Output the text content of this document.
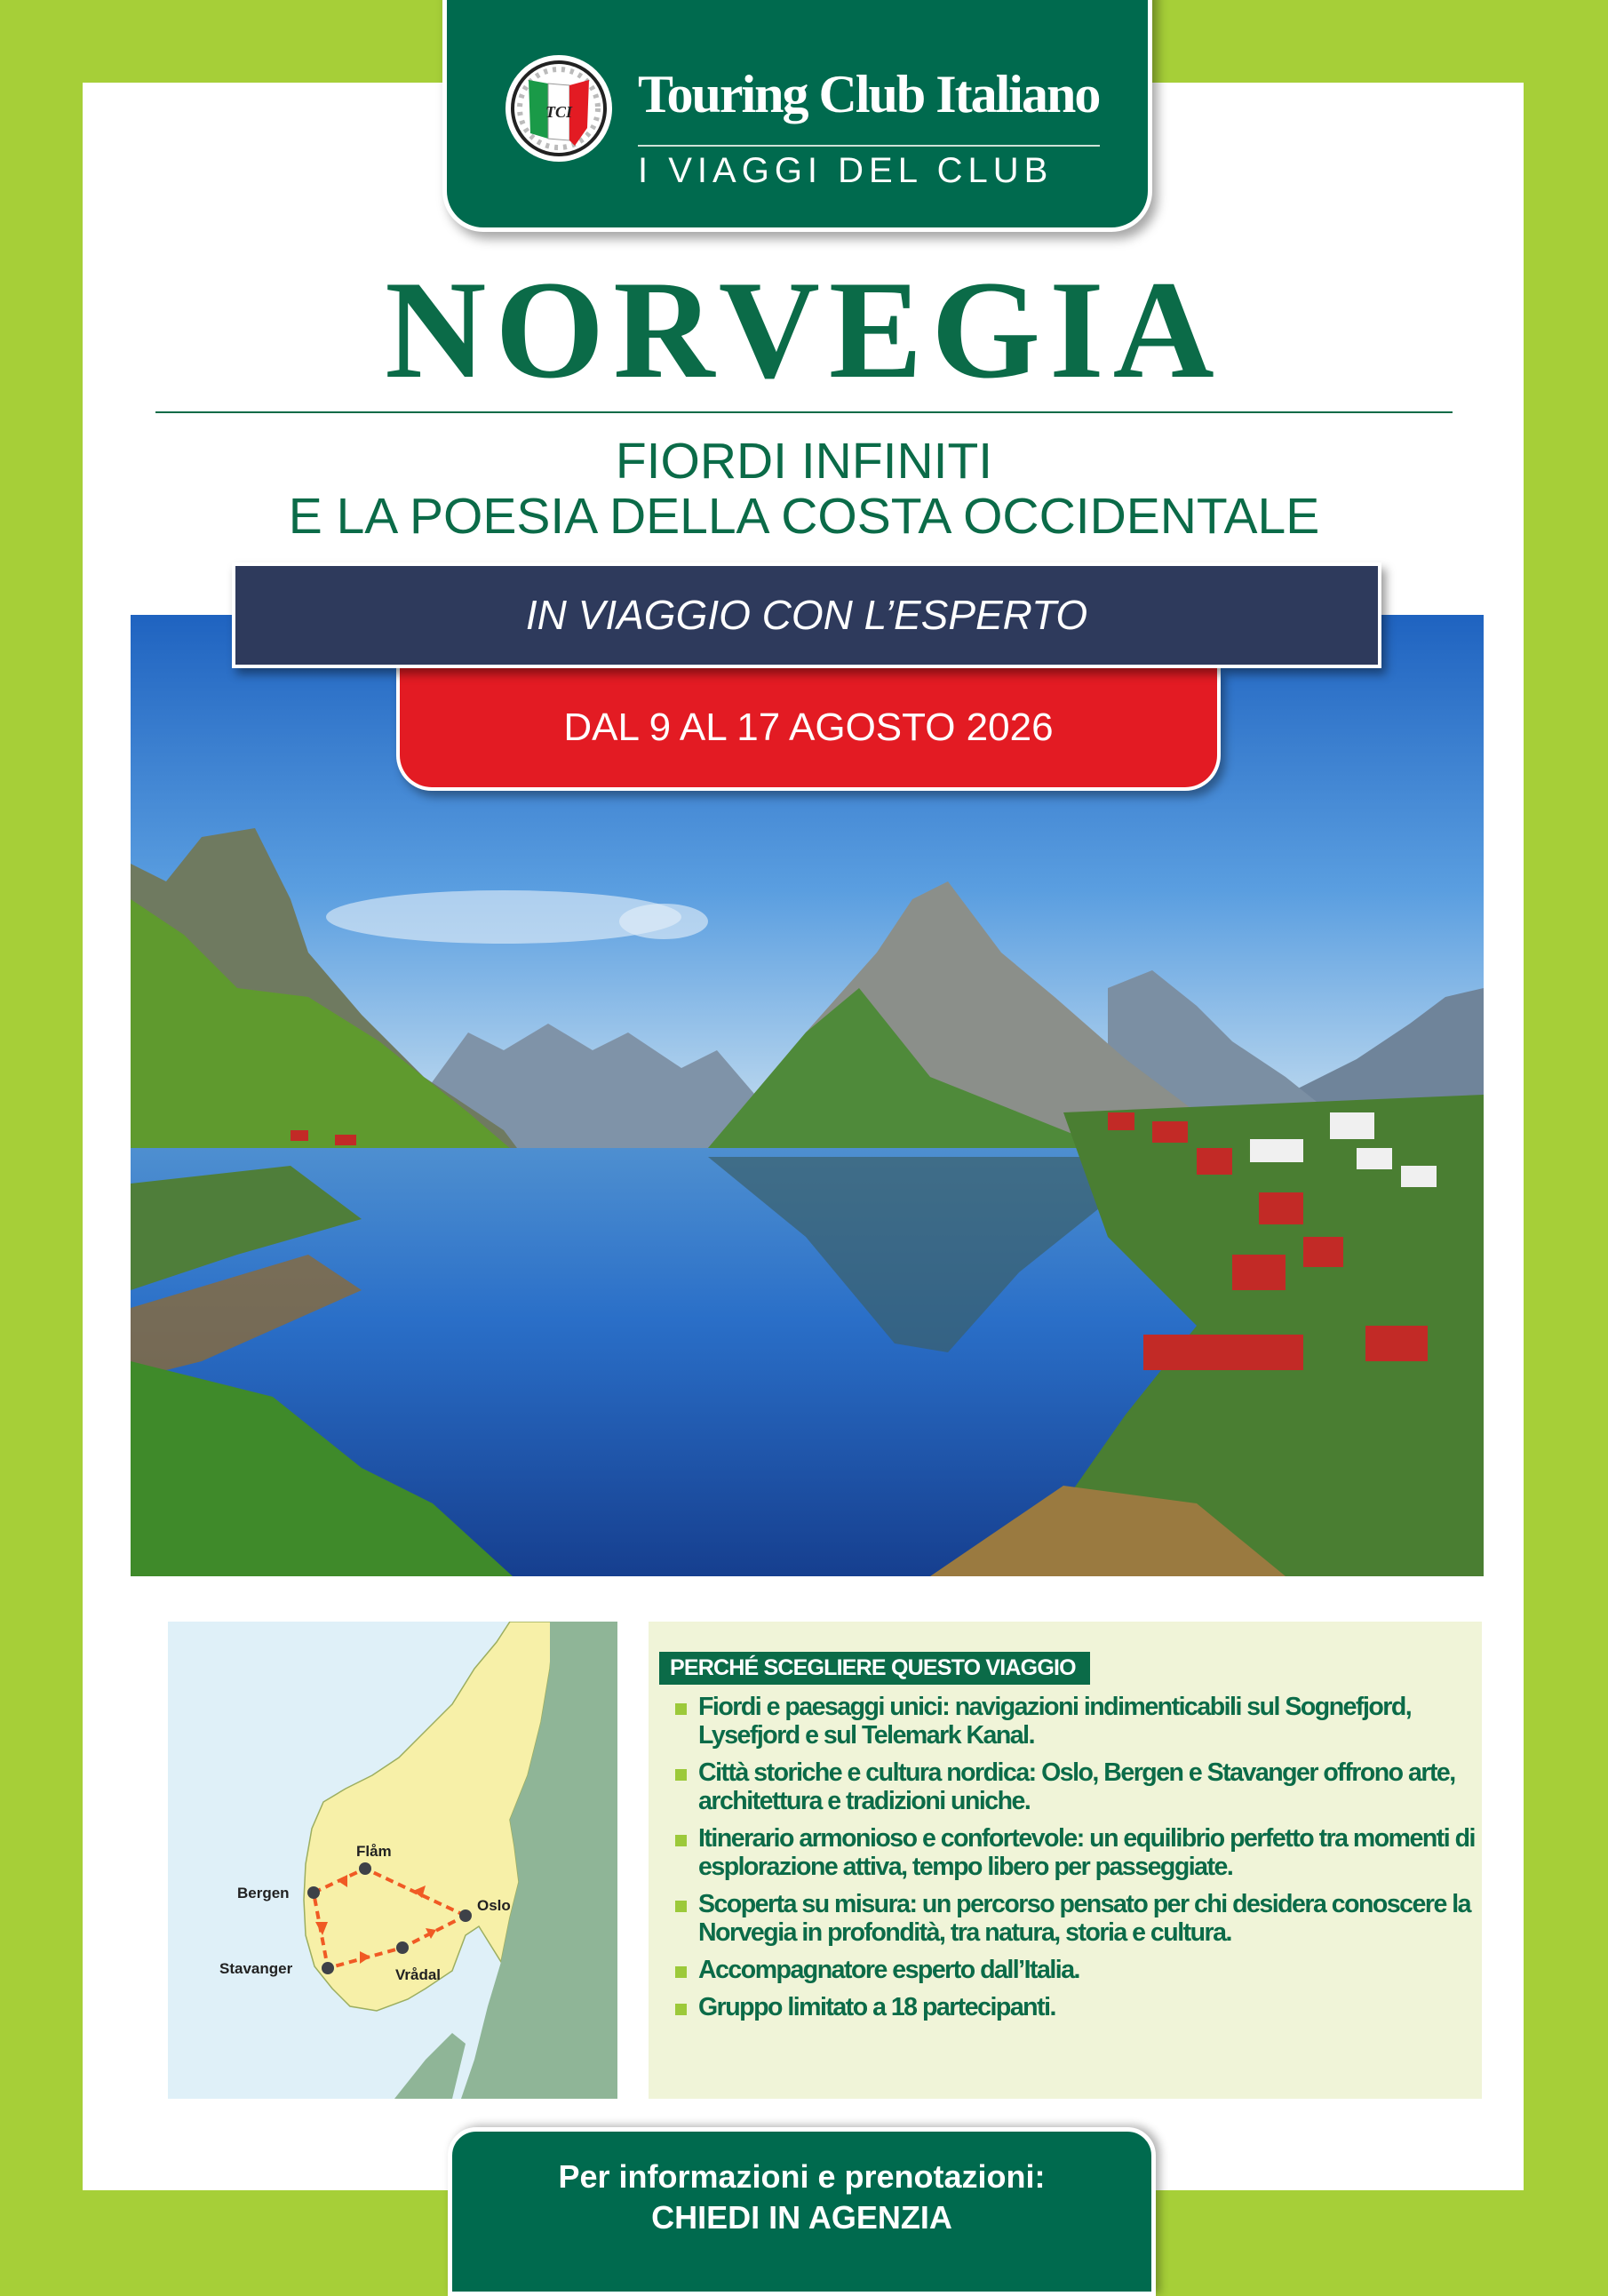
TCI Touring Club Italiano
I VIAGGI DEL CLUB
NORVEGIA
FIORDI INFINITI
E LA POESIA DELLA COSTA OCCIDENTALE
IN VIAGGIO CON L’ESPERTO
DAL 9 AL 17 AGOSTO 2026
Flåm
Bergen
Oslo
Stavanger	Vrådal
PERCHÉ SCEGLIERE QUESTO VIAGGIO
Fiordi e paesaggi unici: navigazioni indimenticabili sul Sognefjord, Lysefjord e sul Telemark Kanal.
Città storiche e cultura nordica: Oslo, Bergen e Stavanger offrono arte, architettura e tradizioni uniche.
Itinerario armonioso e confortevole: un equilibrio perfetto tra momenti di esplorazione attiva, tempo libero per passeggiate.
Scoperta su misura: un percorso pensato per chi desidera conoscere la Norvegia in profondità, tra natura, storia e cultura.
Accompagnatore esperto dall’Italia.
Gruppo limitato a 18 partecipanti.
Per informazioni e prenotazioni:
CHIEDI IN AGENZIA
